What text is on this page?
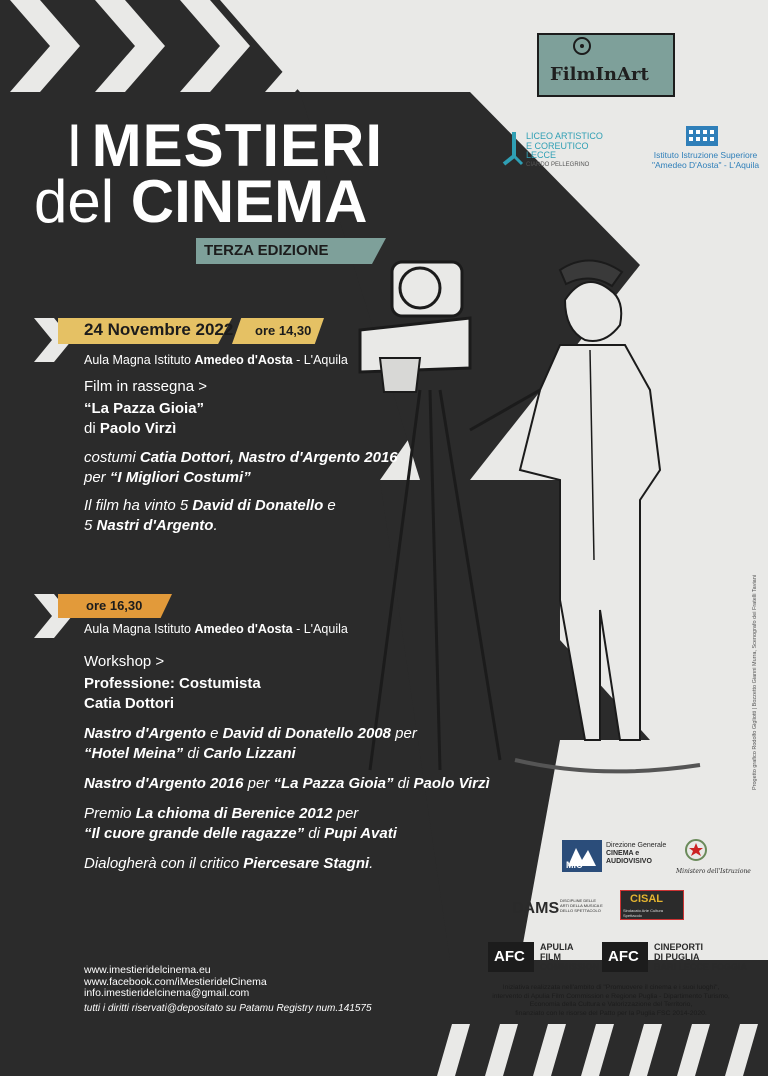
I MESTIERI
del CINEMA
TERZA EDIZIONE
FilmInArt
LICEO ARTISTICO
E COREUTICO
LECCE
CIARDO PELLEGRINO
Istituto Istruzione Superiore
"Amedeo D'Aosta" - L'Aquila
24 Novembre 2022 ore 14,30
Aula Magna Istituto Amedeo d'Aosta - L'Aquila
Film in rassegna >
“La Pazza Gioia”
di Paolo Virzì
costumi Catia Dottori, Nastro d'Argento 2016
per “I Migliori Costumi”
Il film ha vinto 5 David di Donatello e
5 Nastri d'Argento.
ore 16,30
Aula Magna Istituto Amedeo d'Aosta - L'Aquila
Workshop >
Professione: Costumista
Catia Dottori
Nastro d'Argento e David di Donatello 2008 per
“Hotel Meina” di Carlo Lizzani
Nastro d'Argento 2016 per “La Pazza Gioia” di Paolo Virzì
Premio La chioma di Berenice 2012 per
“Il cuore grande delle ragazze” di Pupi Avati
Dialogherà con il critico Piercesare Stagni.
www.imestieridelcinema.eu
www.facebook.com/iMestieridelCinema
info.imestieridelcinema@gmail.com
tutti i diritti riservati@depositato su Patamu Registry num.141575
MiC
Direzione Generale
CINEMA e
AUDIOVISIVO
Ministero dell'Istruzione
DAMS DISCIPLINE DELLE ARTI DELLA MUSICA E DELLO SPETTACOLO
CISAL
Sindacato Arte Cultura Spettacolo
AFC
APULIA
FILM
COMMISSION
AFC
CINEPORTI
DI PUGLIA
BARI LECCE FOGGIA
Iniziativa realizzata nell'ambito di "Promuovere il cinema e i suoi luoghi",
intervento di Apulia Film Commission e Regione Puglia - Dipartimento Turismo,
Economia della Cultura e Valorizzazione del Territorio,
finanziato con le risorse del Patto per la Puglia FSC 2014-2020.
Progetto grafico Rodolfo Gigliotti | Bozzetto Gianni Murra, Scenografo dei Fratelli Taviani
